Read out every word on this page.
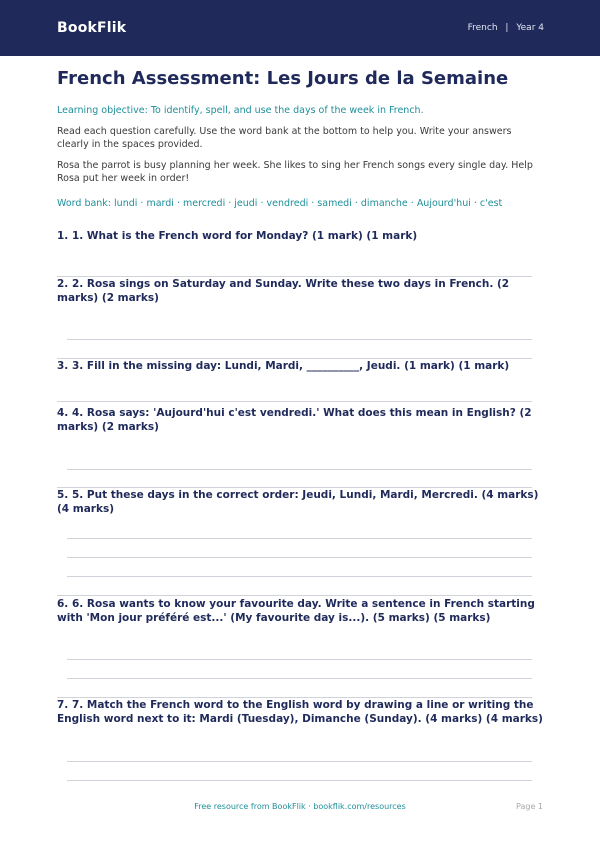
BookFlik	French | Year 4
French Assessment: Les Jours de la Semaine
Learning objective: To identify, spell, and use the days of the week in French.
Read each question carefully. Use the word bank at the bottom to help you. Write your answers clearly in the spaces provided.
Rosa the parrot is busy planning her week. She likes to sing her French songs every single day. Help Rosa put her week in order!
Word bank: lundi · mardi · mercredi · jeudi · vendredi · samedi · dimanche · Aujourd'hui · c'est
1. 1. What is the French word for Monday? (1 mark) (1 mark)
2. 2. Rosa sings on Saturday and Sunday. Write these two days in French. (2 marks) (2 marks)
3. 3. Fill in the missing day: Lundi, Mardi, __________, Jeudi. (1 mark) (1 mark)
4. 4. Rosa says: 'Aujourd'hui c'est vendredi.' What does this mean in English? (2 marks) (2 marks)
5. 5. Put these days in the correct order: Jeudi, Lundi, Mardi, Mercredi. (4 marks) (4 marks)
6. 6. Rosa wants to know your favourite day. Write a sentence in French starting with 'Mon jour préféré est...' (My favourite day is...). (5 marks) (5 marks)
7. 7. Match the French word to the English word by drawing a line or writing the English word next to it: Mardi (Tuesday), Dimanche (Sunday). (4 marks) (4 marks)
Free resource from BookFlik · bookflik.com/resources	Page 1
